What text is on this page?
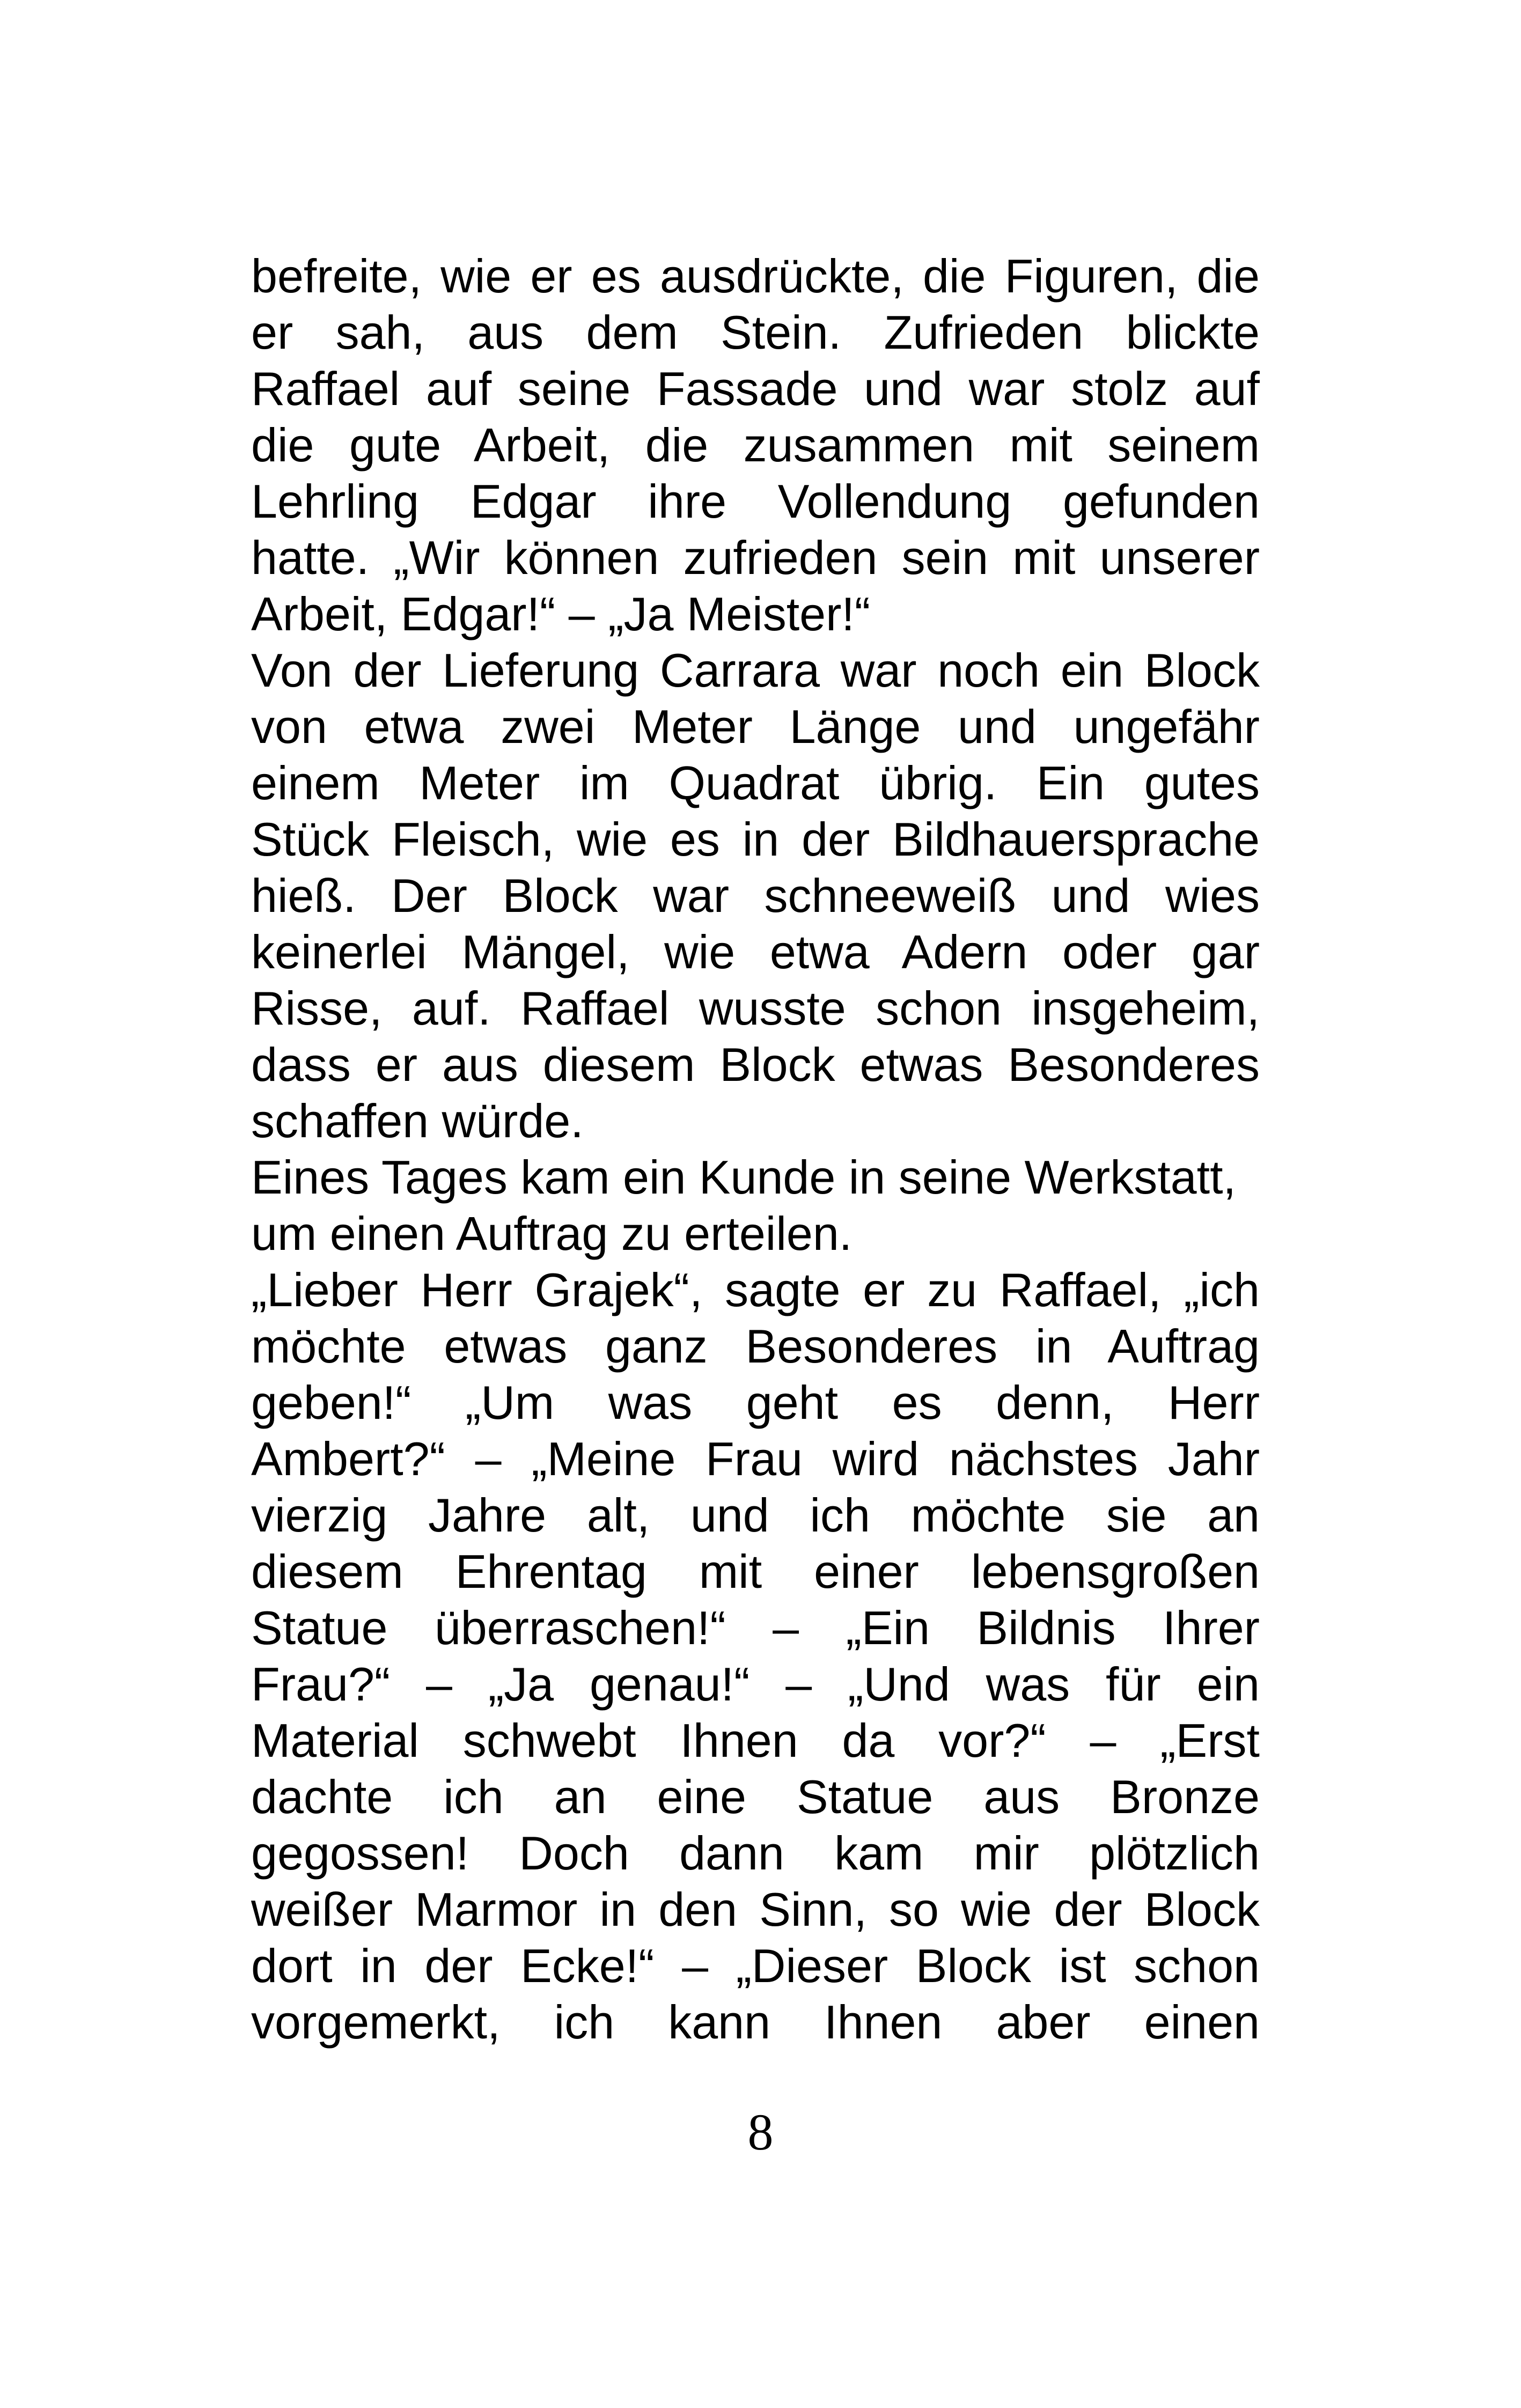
befreite, wie er es ausdrückte, die Figuren, die
er sah, aus dem Stein. Zufrieden blickte
Raffael auf seine Fassade und war stolz auf
die gute Arbeit, die zusammen mit seinem
Lehrling Edgar ihre Vollendung gefunden
hatte. „Wir können zufrieden sein mit unserer
Arbeit, Edgar!“ – „Ja Meister!“
Von der Lieferung Carrara war noch ein Block
von etwa zwei Meter Länge und ungefähr
einem Meter im Quadrat übrig. Ein gutes
Stück Fleisch, wie es in der Bildhauersprache
hieß. Der Block war schneeweiß und wies
keinerlei Mängel, wie etwa Adern oder gar
Risse, auf. Raffael wusste schon insgeheim,
dass er aus diesem Block etwas Besonderes
schaffen würde.
Eines Tages kam ein Kunde in seine Werkstatt,
um einen Auftrag zu erteilen.
„Lieber Herr Grajek“, sagte er zu Raffael, „ich
möchte etwas ganz Besonderes in Auftrag
geben!“ „Um was geht es denn, Herr
Ambert?“ – „Meine Frau wird nächstes Jahr
vierzig Jahre alt, und ich möchte sie an
diesem Ehrentag mit einer lebensgroßen
Statue überraschen!“ – „Ein Bildnis Ihrer
Frau?“ – „Ja genau!“ – „Und was für ein
Material schwebt Ihnen da vor?“ – „Erst
dachte ich an eine Statue aus Bronze
gegossen! Doch dann kam mir plötzlich
weißer Marmor in den Sinn, so wie der Block
dort in der Ecke!“ – „Dieser Block ist schon
vorgemerkt, ich kann Ihnen aber einen
8
